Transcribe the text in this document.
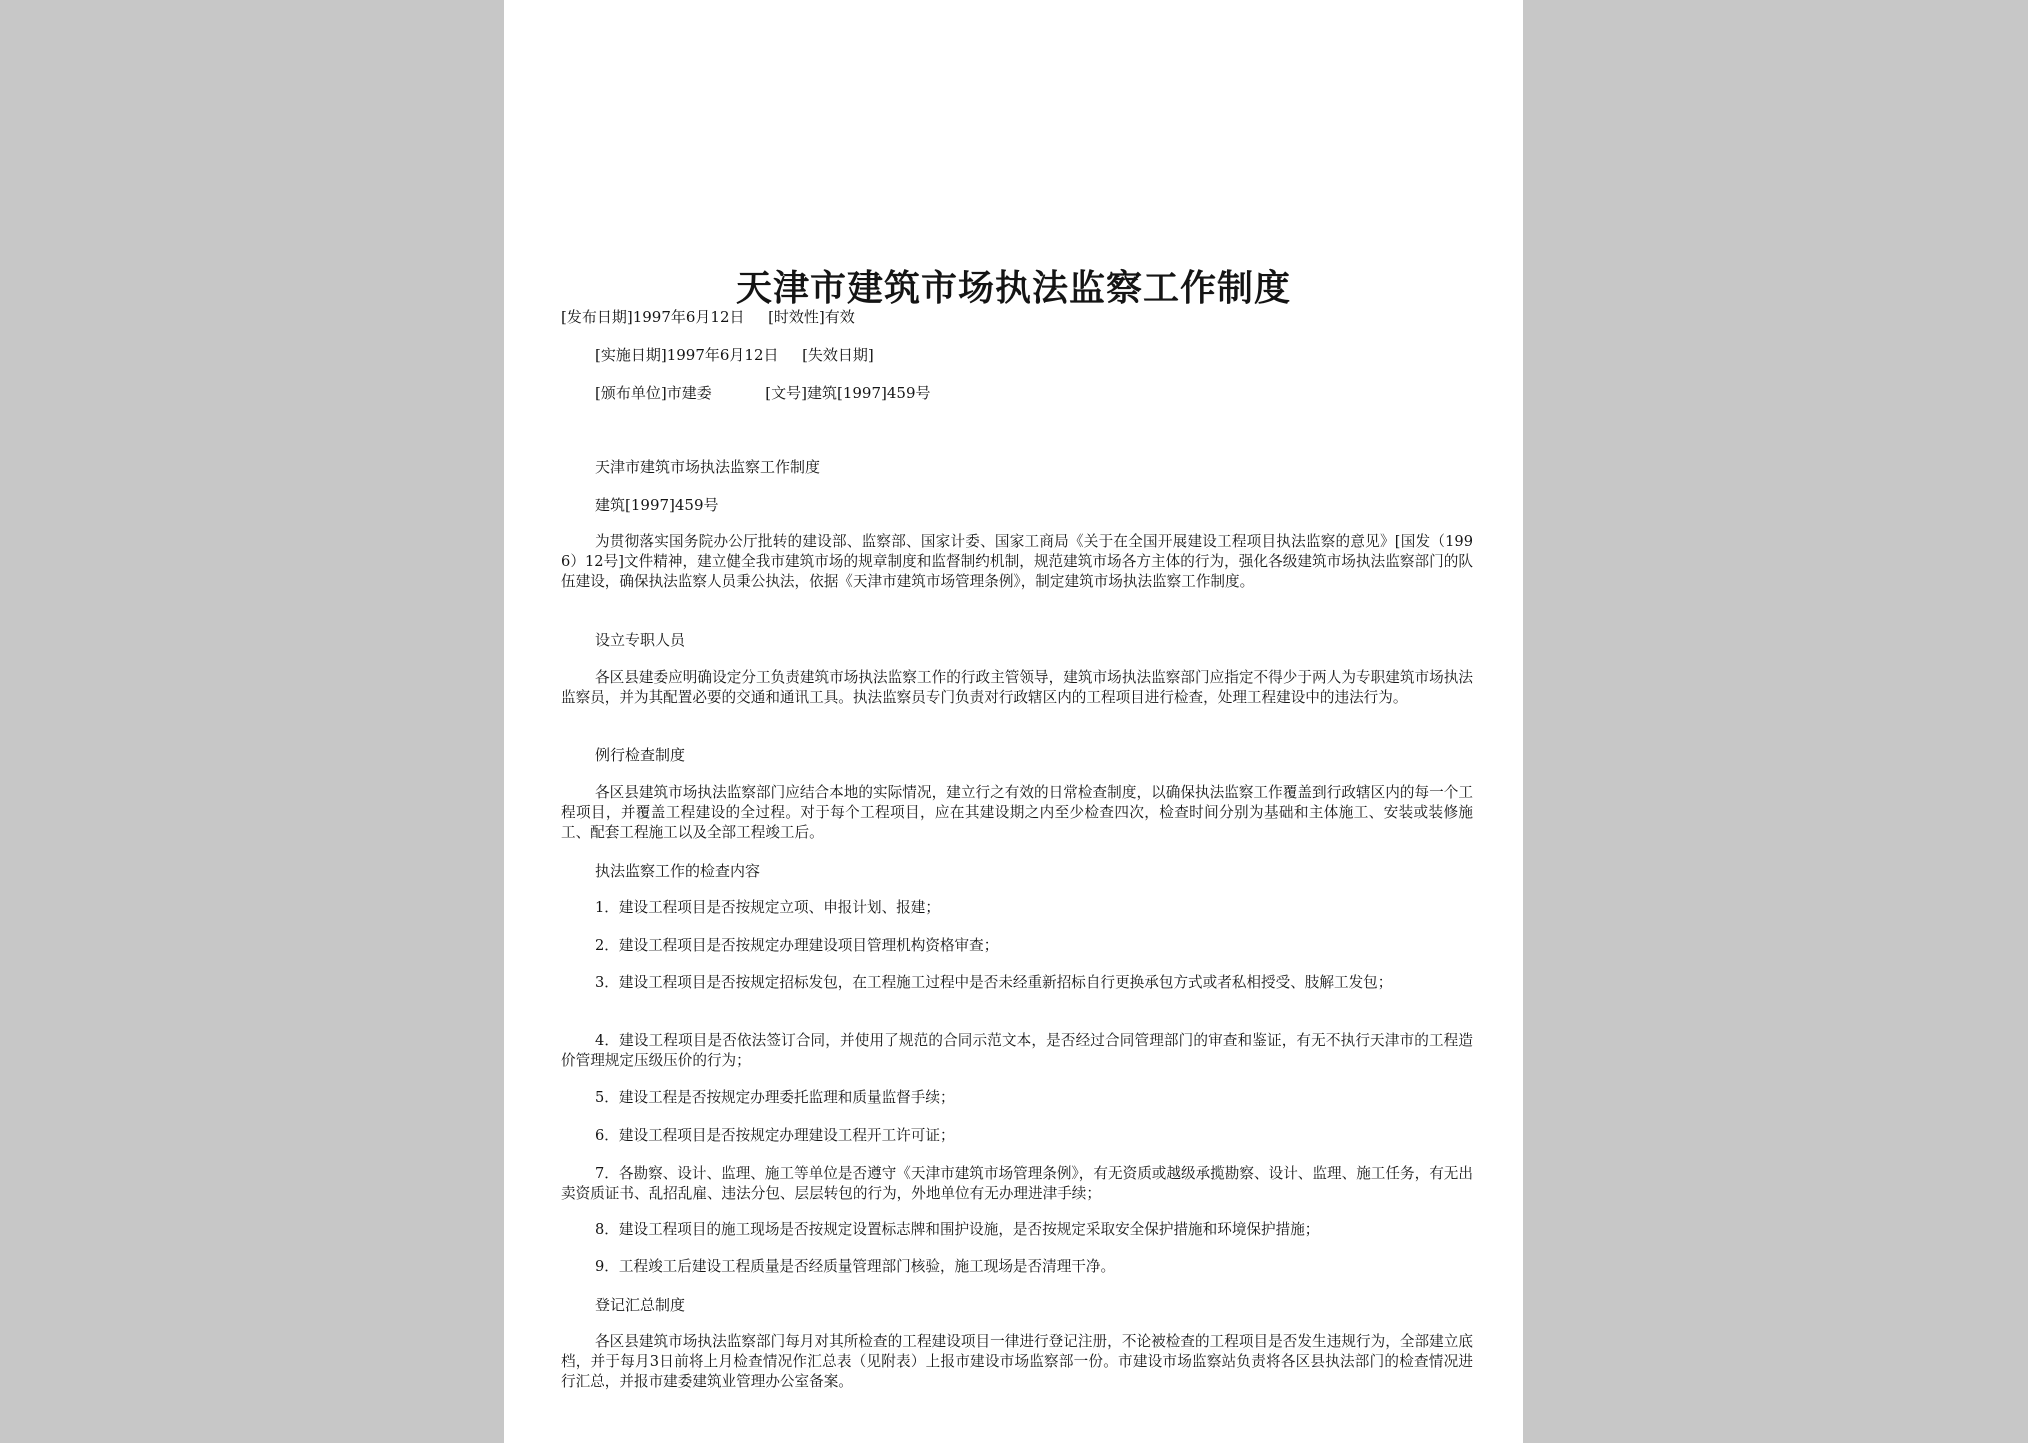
天津市建筑市场执法监察工作制度
[发布日期]1997年6月12日 [时效性]有效
[实施日期]1997年6月12日 [失效日期]
[颁布单位]市建委	[文号]建筑[1997]459号
天津市建筑市场执法监察工作制度
建筑[1997]459号
为贯彻落实国务院办公厅批转的建设部、监察部、国家计委、国家工商局《关于在全国开展建设工程项目执法监察的意见》[国发（1996）12号]文件精神，建立健全我市建筑市场的规章制度和监督制约机制，规范建筑市场各方主体的行为，强化各级建筑市场执法监察部门的队伍建设，确保执法监察人员秉公执法，依据《天津市建筑市场管理条例》，制定建筑市场执法监察工作制度。
设立专职人员
各区县建委应明确设定分工负责建筑市场执法监察工作的行政主管领导，建筑市场执法监察部门应指定不得少于两人为专职建筑市场执法监察员，并为其配置必要的交通和通讯工具。执法监察员专门负责对行政辖区内的工程项目进行检查，处理工程建设中的违法行为。
例行检查制度
各区县建筑市场执法监察部门应结合本地的实际情况，建立行之有效的日常检查制度，以确保执法监察工作覆盖到行政辖区内的每一个工程项目，并覆盖工程建设的全过程。对于每个工程项目，应在其建设期之内至少检查四次，检查时间分别为基础和主体施工、安装或装修施工、配套工程施工以及全部工程竣工后。
执法监察工作的检查内容
1．建设工程项目是否按规定立项、申报计划、报建；
2．建设工程项目是否按规定办理建设项目管理机构资格审查；
3．建设工程项目是否按规定招标发包，在工程施工过程中是否未经重新招标自行更换承包方式或者私相授受、肢解工发包；
4．建设工程项目是否依法签订合同，并使用了规范的合同示范文本，是否经过合同管理部门的审查和鉴证，有无不执行天津市的工程造价管理规定压级压价的行为；
5．建设工程是否按规定办理委托监理和质量监督手续；
6．建设工程项目是否按规定办理建设工程开工许可证；
7．各勘察、设计、监理、施工等单位是否遵守《天津市建筑市场管理条例》，有无资质或越级承揽勘察、设计、监理、施工任务，有无出卖资质证书、乱招乱雇、违法分包、层层转包的行为，外地单位有无办理进津手续；
8．建设工程项目的施工现场是否按规定设置标志牌和围护设施，是否按规定采取安全保护措施和环境保护措施；
9．工程竣工后建设工程质量是否经质量管理部门核验，施工现场是否清理干净。
登记汇总制度
各区县建筑市场执法监察部门每月对其所检查的工程建设项目一律进行登记注册，不论被检查的工程项目是否发生违规行为，全部建立底档，并于每月3日前将上月检查情况作汇总表（见附表）上报市建设市场监察部一份。市建设市场监察站负责将各区县执法部门的检查情况进行汇总，并报市建委建筑业管理办公室备案。
